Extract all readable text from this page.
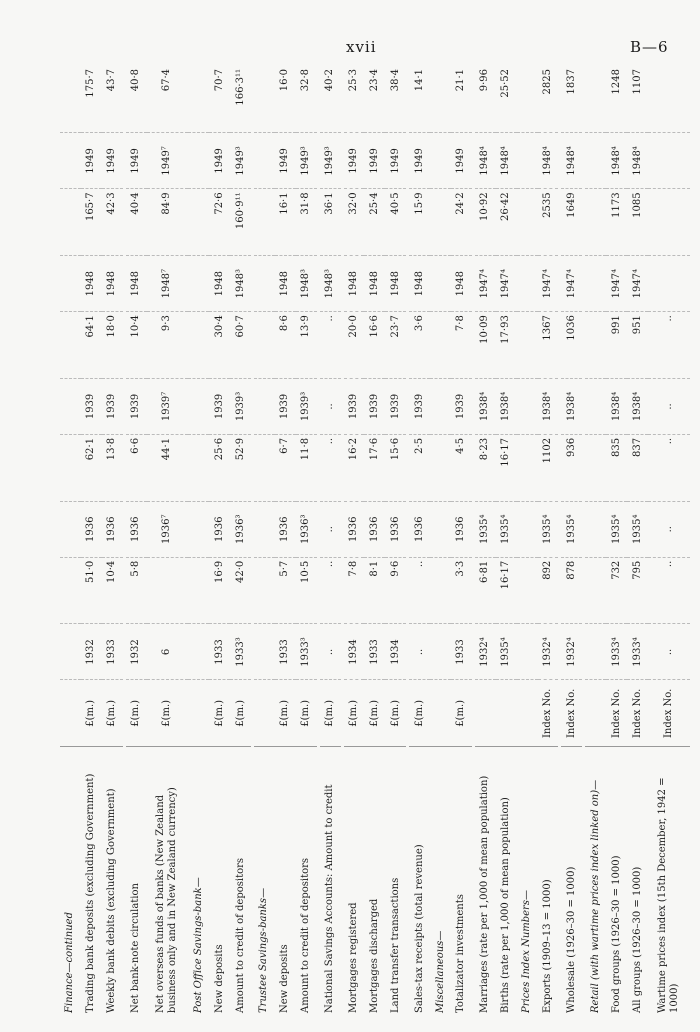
xvii	B—6
Finance—continued											
Trading bank deposits (excluding Government)	£(m.)	1932	51·0	1936	62·1	1939	64·1	1948	165·7	1949	175·7
Weekly bank debits (excluding Government)	£(m.)	1933	10·4	1936	13·8	1939	18·0	1948	42·3	1949	43·7

Net bank-note circulation	£(m.)	1932	5·8	1936	6·6	1939	10·4	1948	40·4	1949	40·8
Net overseas funds of banks (New Zealand business only and in New Zealand currency)	£(m.)	6		1936⁷	44·1	1939⁷	9·3	1948⁷	84·9	1949⁷	67·4
Post Office Savings-bank—											
New deposits	£(m.)	1933	16·9	1936	25·6	1939	30·4	1948	72·6	1949	70·7
Amount to credit of depositors	£(m.)	1933³	42·0	1936³	52·9	1939³	60·7	1948³	160·9¹¹	1949³	166·3¹¹

Trustee Savings-banks—											
New deposits	£(m.)	1933	5·7	1936	6·7	1939	8·6	1948	16·1	1949	16·0
Amount to credit of depositors	£(m.)	1933³	10·5	1936³	11·8	1939³	13·9	1948³	31·8	1949³	32·8

National Savings Accounts: Amount to credit	£(m.)	..	..	..	..	..	..	1948³	36·1	1949³	40·2

Mortgages registered	£(m.)	1934	7·8	1936	16·2	1939	20·0	1948	32·0	1949	25·3
Mortgages discharged	£(m.)	1933	8·1	1936	17·6	1939	16·6	1948	25·4	1949	23·4
Land transfer transactions	£(m.)	1934	9·6	1936	15·6	1939	23·7	1948	40·5	1949	38·4

Sales-tax receipts (total revenue)	£(m.)	..	..	1936	2·5	1939	3·6	1948	15·9	1949	14·1
Miscellaneous—											
Totalizator investments	£(m.)	1933	3·3	1936	4·5	1939	7·8	1948	24·2	1949	21·1

Marriages (rate per 1,000 of mean population)		1932⁴	6·81	1935⁴	8·23	1938⁴	10·09	1947⁴	10·92	1948⁴	9·96
Births (rate per 1,000 of mean population)		1935⁴	16·17	1935⁴	16·17	1938⁴	17·93	1947⁴	26·42	1948⁴	25·52
Prices Index Numbers—											
Exports (1909–13 = 1000)	Index No.	1932⁴	892	1935⁴	1102	1938⁴	1367	1947⁴	2535	1948⁴	2825

Wholesale (1926–30 = 1000)	Index No.	1932⁴	878	1935⁴	936	1938⁴	1036	1947⁴	1649	1948⁴	1837

Retail (with wartime prices index linked on)—											
Food groups (1926–30 = 1000)	Index No.	1933⁴	732	1935⁴	835	1938⁴	991	1947⁴	1173	1948⁴	1248
All groups (1926–30 = 1000)	Index No.	1933⁴	795	1935⁴	837	1938⁴	951	1947⁴	1085	1948⁴	1107
Wartime prices index (15th December, 1942 = 1000)	Index No.	..	..	..	..	..	..				
